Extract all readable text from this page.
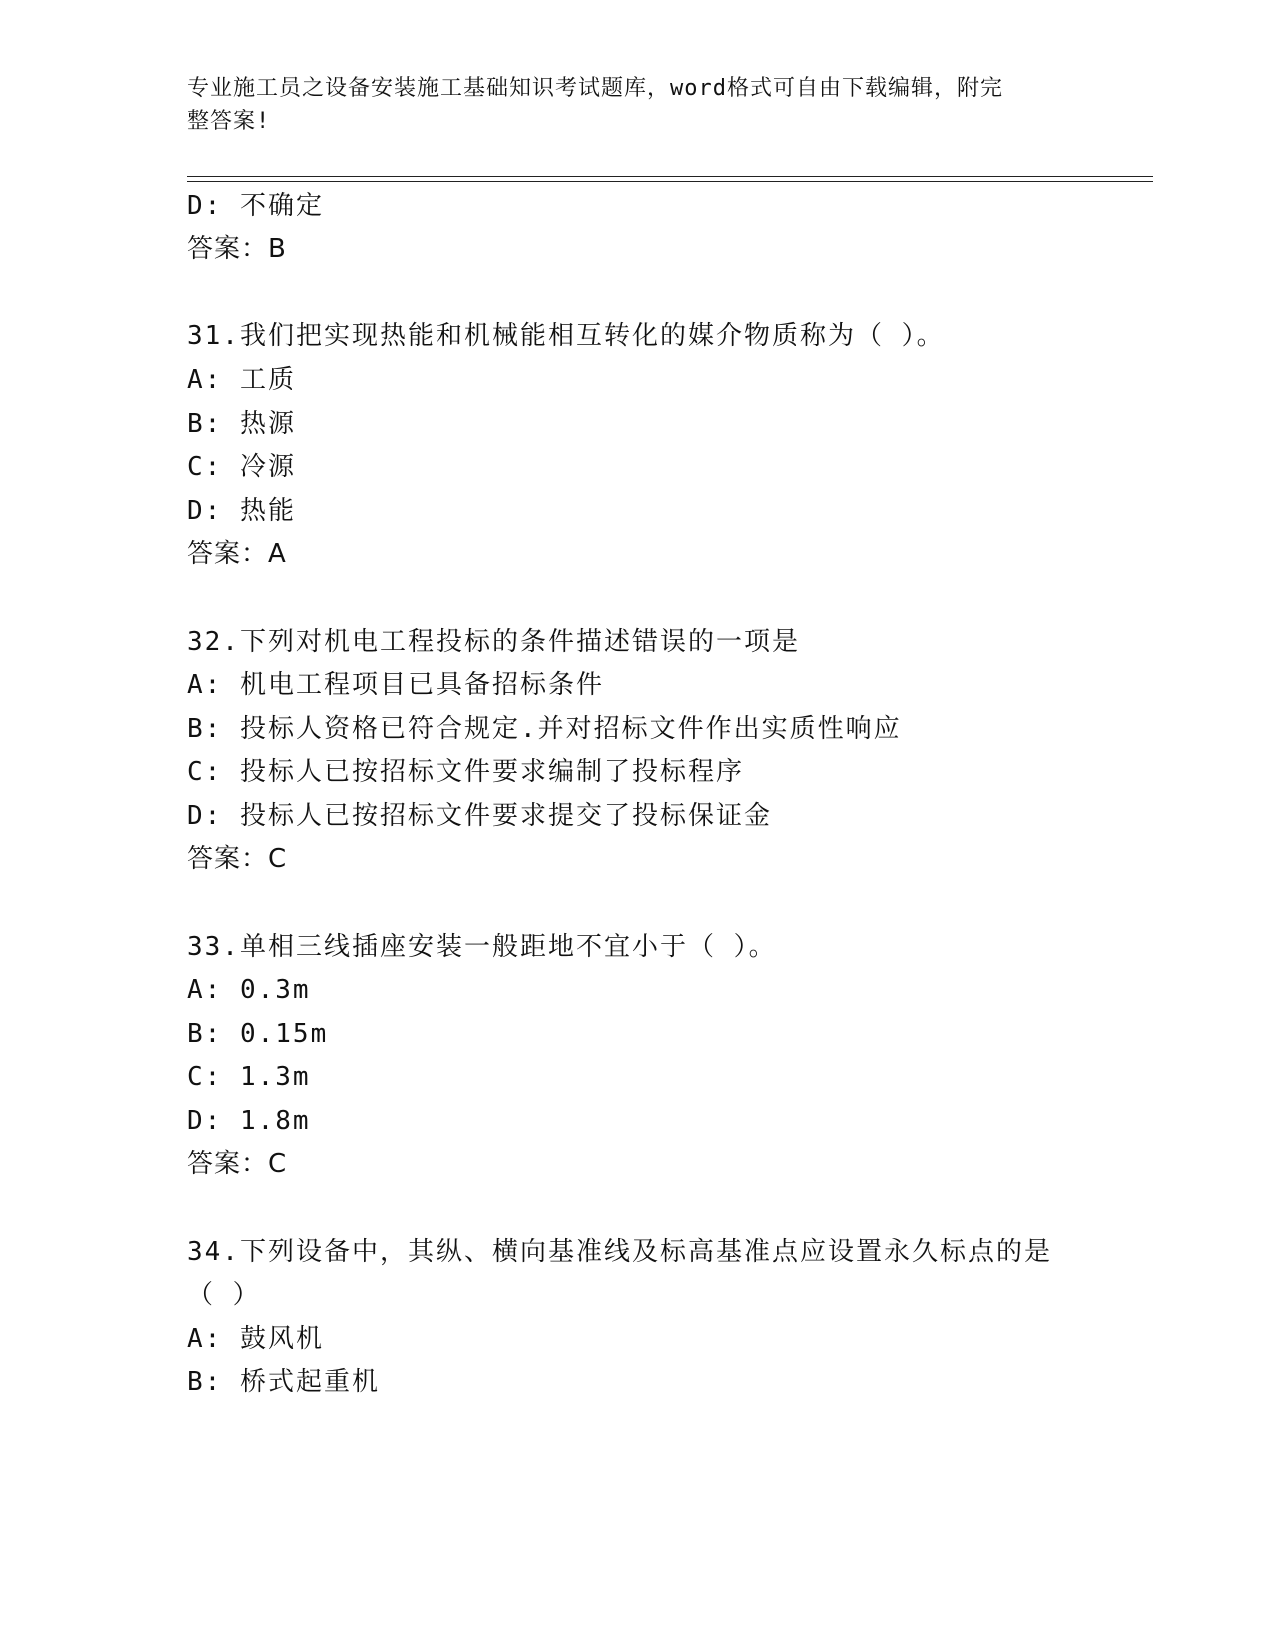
专业施工员之设备安装施工基础知识考试题库，word格式可自由下载编辑，附完
整答案!
D: 不确定
答案：B
31.我们把实现热能和机械能相互转化的媒介物质称为（ ）。
A: 工质
B: 热源
C: 冷源
D: 热能
答案：A
32.下列对机电工程投标的条件描述错误的一项是
A: 机电工程项目已具备招标条件
B: 投标人资格已符合规定.并对招标文件作出实质性响应
C: 投标人已按招标文件要求编制了投标程序
D: 投标人已按招标文件要求提交了投标保证金
答案：C
33.单相三线插座安装一般距地不宜小于（ ）。
A: 0.3m
B: 0.15m
C: 1.3m
D: 1.8m
答案：C
34.下列设备中，其纵、横向基准线及标高基准点应设置永久标点的是
（ ）
A: 鼓风机
B: 桥式起重机
